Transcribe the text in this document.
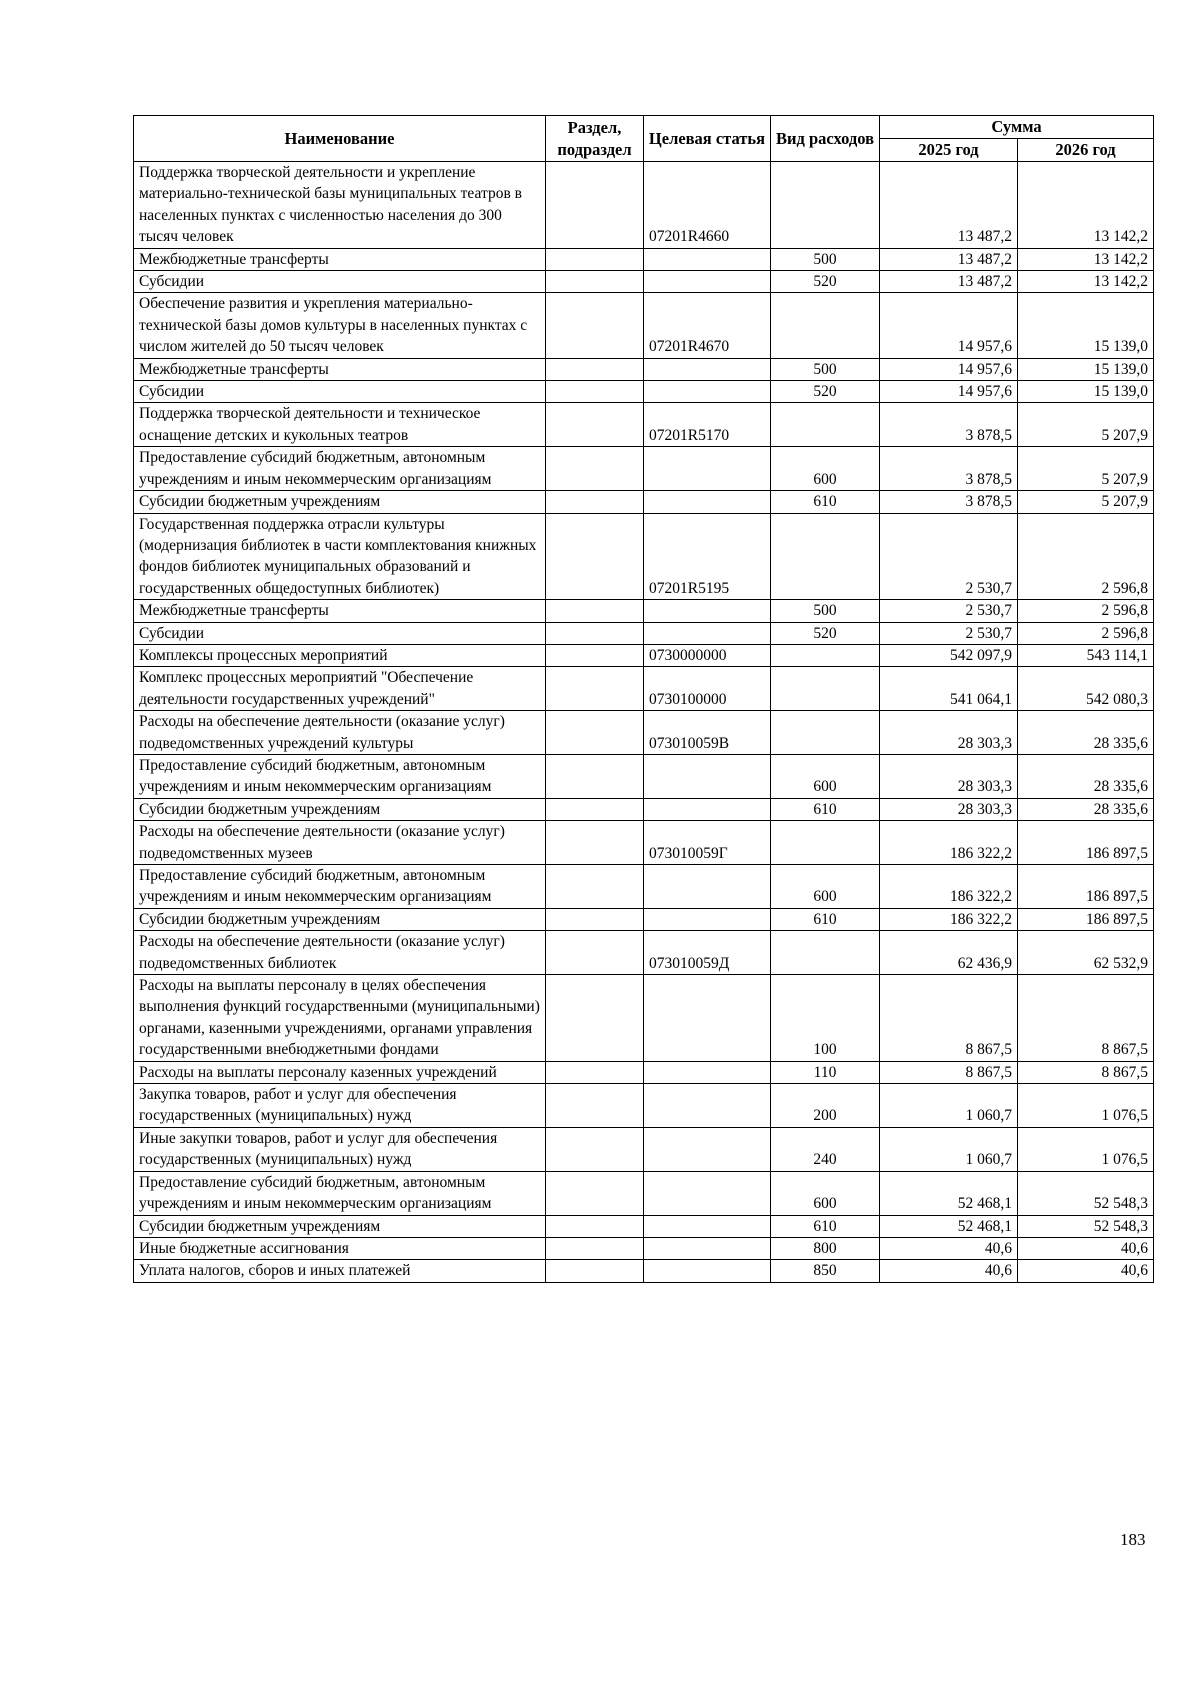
Наименование	Раздел, подраздел	Целевая статья	Вид расходов	Сумма	
				2025 год	2026 год
Поддержка творческой деятельности и укрепление материально-технической базы муниципальных театров в населенных пунктах с численностью населения до 300 тысяч человек		07201R4660		13 487,2	13 142,2
Межбюджетные трансферты			500	13 487,2	13 142,2
Субсидии			520	13 487,2	13 142,2
Обеспечение развития и укрепления материально-технической базы домов культуры в населенных пунктах с числом жителей до 50 тысяч человек		07201R4670		14 957,6	15 139,0
Межбюджетные трансферты			500	14 957,6	15 139,0
Субсидии			520	14 957,6	15 139,0
Поддержка творческой деятельности и техническое оснащение детских и кукольных театров		07201R5170		3 878,5	5 207,9
Предоставление субсидий бюджетным, автономным учреждениям и иным некоммерческим организациям			600	3 878,5	5 207,9
Субсидии бюджетным учреждениям			610	3 878,5	5 207,9
Государственная поддержка отрасли культуры (модернизация библиотек в части комплектования книжных фондов библиотек муниципальных образований и государственных общедоступных библиотек)		07201R5195		2 530,7	2 596,8
Межбюджетные трансферты			500	2 530,7	2 596,8
Субсидии			520	2 530,7	2 596,8
Комплексы процессных мероприятий		0730000000		542 097,9	543 114,1
Комплекс процессных мероприятий "Обеспечение деятельности государственных учреждений"		0730100000		541 064,1	542 080,3
Расходы на обеспечение деятельности (оказание услуг) подведомственных учреждений культуры		073010059В		28 303,3	28 335,6
Предоставление субсидий бюджетным, автономным учреждениям и иным некоммерческим организациям			600	28 303,3	28 335,6
Субсидии бюджетным учреждениям			610	28 303,3	28 335,6
Расходы на обеспечение деятельности (оказание услуг) подведомственных музеев		073010059Г		186 322,2	186 897,5
Предоставление субсидий бюджетным, автономным учреждениям и иным некоммерческим организациям			600	186 322,2	186 897,5
Субсидии бюджетным учреждениям			610	186 322,2	186 897,5
Расходы на обеспечение деятельности (оказание услуг) подведомственных библиотек		073010059Д		62 436,9	62 532,9
Расходы на выплаты персоналу в целях обеспечения выполнения функций государственными (муниципальными) органами, казенными учреждениями, органами управления государственными внебюджетными фондами			100	8 867,5	8 867,5
Расходы на выплаты персоналу казенных учреждений			110	8 867,5	8 867,5
Закупка товаров, работ и услуг для обеспечения государственных (муниципальных) нужд			200	1 060,7	1 076,5
Иные закупки товаров, работ и услуг для обеспечения государственных (муниципальных) нужд			240	1 060,7	1 076,5
Предоставление субсидий бюджетным, автономным учреждениям и иным некоммерческим организациям			600	52 468,1	52 548,3
Субсидии бюджетным учреждениям			610	52 468,1	52 548,3
Иные бюджетные ассигнования			800	40,6	40,6
Уплата налогов, сборов и иных платежей			850	40,6	40,6
183
